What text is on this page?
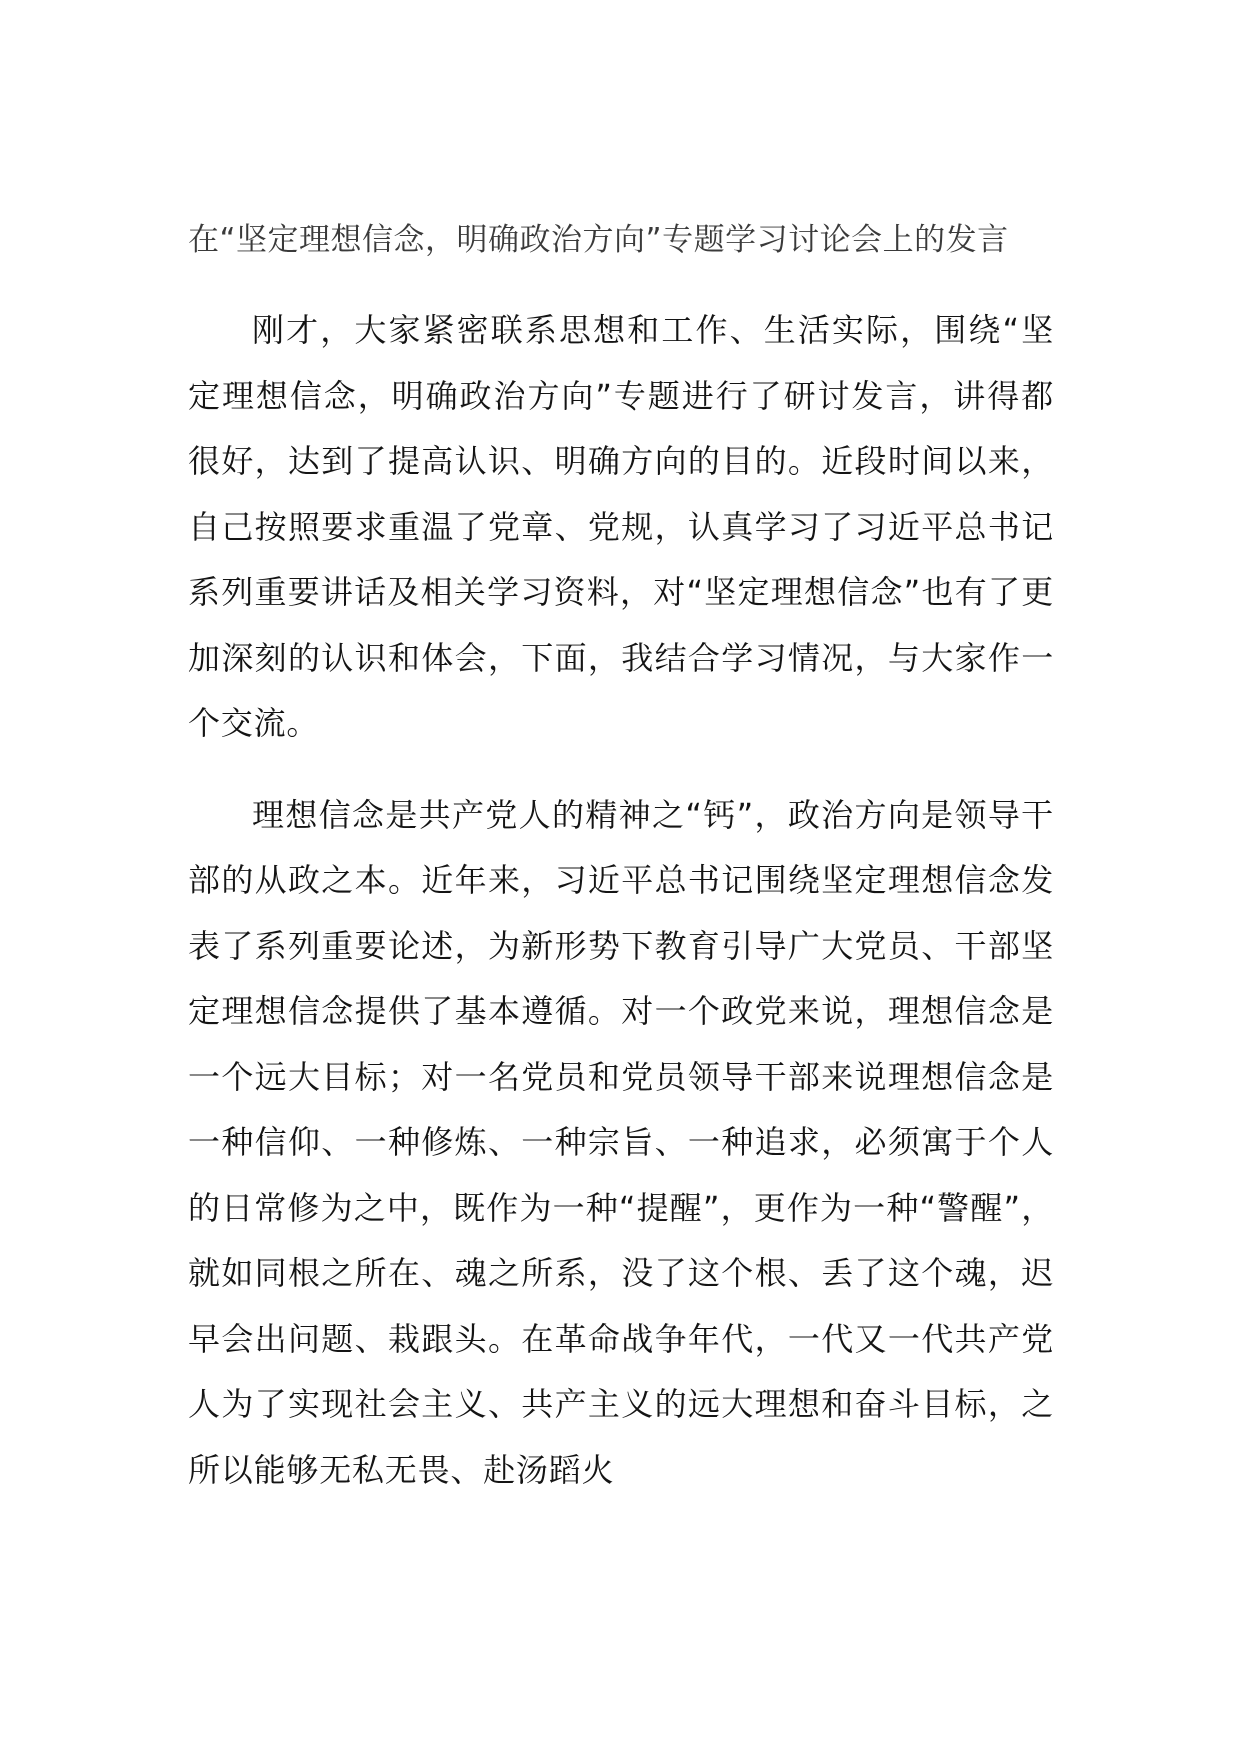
在“坚定理想信念，明确政治方向”专题学习讨论会上的发言

刚才，大家紧密联系思想和工作、生活实际，围绕“坚定理想信念，明确政治方向”专题进行了研讨发言，讲得都很好，达到了提高认识、明确方向的目的。近段时间以来，自己按照要求重温了党章、党规，认真学习了习近平总书记系列重要讲话及相关学习资料，对“坚定理想信念”也有了更加深刻的认识和体会，下面，我结合学习情况，与大家作一个交流。

理想信念是共产党人的精神之“钙”，政治方向是领导干部的从政之本。近年来，习近平总书记围绕坚定理想信念发表了系列重要论述，为新形势下教育引导广大党员、干部坚定理想信念提供了基本遵循。对一个政党来说，理想信念是一个远大目标；对一名党员和党员领导干部来说理想信念是一种信仰、一种修炼、一种宗旨、一种追求，必须寓于个人的日常修为之中，既作为一种“提醒”，更作为一种“警醒”，就如同根之所在、魂之所系，没了这个根、丢了这个魂，迟早会出问题、栽跟头。在革命战争年代，一代又一代共产党人为了实现社会主义、共产主义的远大理想和奋斗目标，之所以能够无私无畏、赴汤蹈火
